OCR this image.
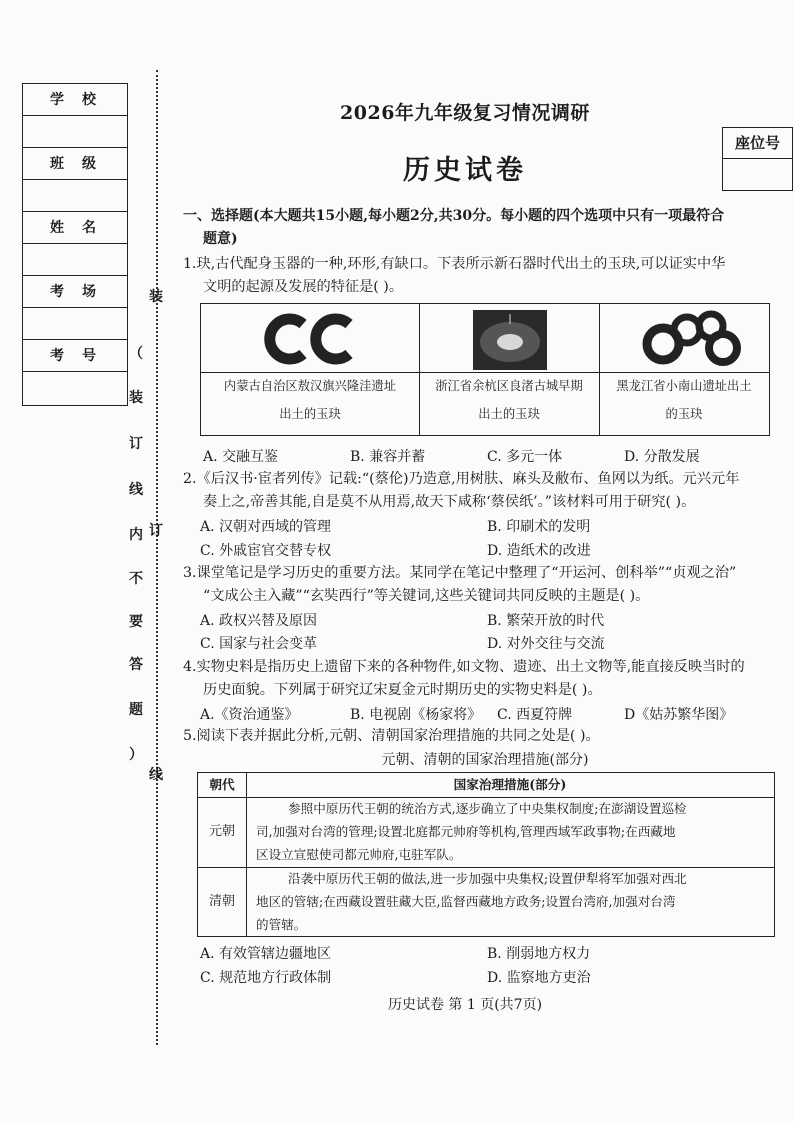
学校
班级
姓名
考场
考号
装
订
线
（
装
订
线
内
不
要
答
题
）
2026年九年级复习情况调研
历史试卷
座位号
一、选择题(本大题共15小题,每小题2分,共30分。每小题的四个选项中只有一项最符合
题意)
1.玦,古代配身玉器的一种,环形,有缺口。下表所示新石器时代出土的玉玦,可以证实中华
文明的起源及发展的特征是( )。
内蒙古自治区敖汉旗兴隆洼遗址
出土的玉玦
浙江省余杭区良渚古城早期
出土的玉玦
黑龙江省小南山遗址出土
的玉玦
A. 交融互鉴	B. 兼容并蓄	C. 多元一体	D. 分散发展
2.《后汉书·宦者列传》记载:“(蔡伦)乃造意,用树肤、麻头及敝布、鱼网以为纸。元兴元年
奏上之,帝善其能,自是莫不从用焉,故天下咸称‘蔡侯纸’。”该材料可用于研究( )。
A. 汉朝对西域的管理	B. 印刷术的发明
C. 外戚宦官交替专权	D. 造纸术的改进
3.课堂笔记是学习历史的重要方法。某同学在笔记中整理了“开运河、创科举”“贞观之治”
“文成公主入藏”“玄奘西行”等关键词,这些关键词共同反映的主题是( )。
A. 政权兴替及原因	B. 繁荣开放的时代
C. 国家与社会变革	D. 对外交往与交流
4.实物史料是指历史上遗留下来的各种物件,如文物、遗迹、出土文物等,能直接反映当时的
历史面貌。下列属于研究辽宋夏金元时期历史的实物史料是( )。
A.《资治通鉴》	B. 电视剧《杨家将》 C. 西夏符牌	D《姑苏繁华图》
5.阅读下表并据此分析,元朝、清朝国家治理措施的共同之处是( )。
元朝、清朝的国家治理措施(部分)
朝代	国家治理措施(部分)
元朝
参照中原历代王朝的统治方式,逐步确立了中央集权制度;在澎湖设置巡检
司,加强对台湾的管理;设置北庭都元帅府等机构,管理西域军政事物;在西藏地
区设立宣慰使司都元帅府,屯驻军队。
清朝
沿袭中原历代王朝的做法,进一步加强中央集权;设置伊犁将军加强对西北
地区的管辖;在西藏设置驻藏大臣,监督西藏地方政务;设置台湾府,加强对台湾
的管辖。
A. 有效管辖边疆地区	B. 削弱地方权力
C. 规范地方行政体制	D. 监察地方吏治
历史试卷 第 1 页(共7页)
